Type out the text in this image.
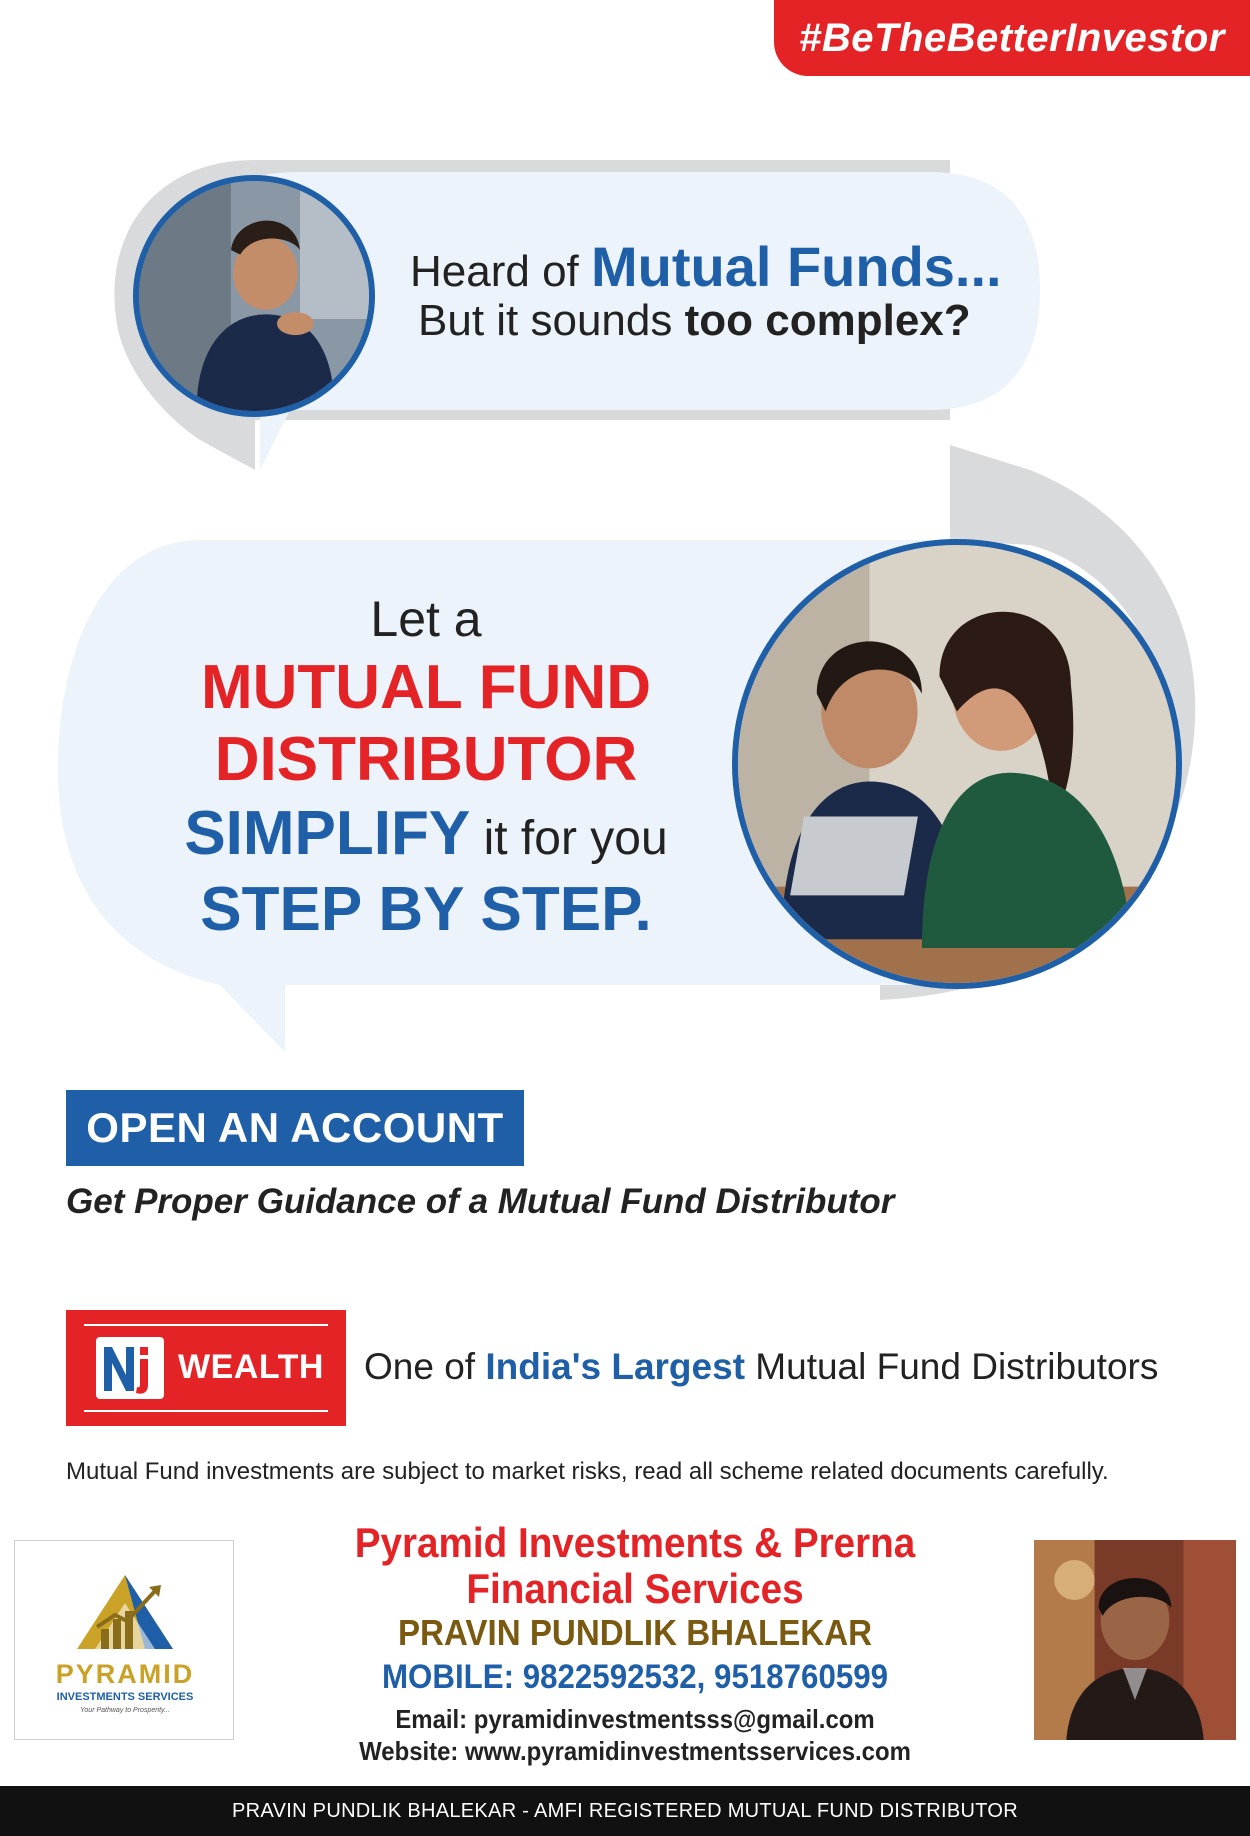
#BeTheBetterInvestor
Heard of Mutual Funds...
But it sounds too complex?
Let a
MUTUAL FUND
DISTRIBUTOR
SIMPLIFY it for you
STEP BY STEP.
OPEN AN ACCOUNT
Get Proper Guidance of a Mutual Fund Distributor
WEALTH One of India's Largest Mutual Fund Distributors
Mutual Fund investments are subject to market risks, read all scheme related documents carefully.
PYRAMID
INVESTMENTS SERVICES
Your Pathway to Prosperity...
Pyramid Investments & Prerna Financial Services
PRAVIN PUNDLIK BHALEKAR
MOBILE: 9822592532, 9518760599
Email: pyramidinvestmentsss@gmail.com
Website: www.pyramidinvestmentsservices.com
PRAVIN PUNDLIK BHALEKAR - AMFI REGISTERED MUTUAL FUND DISTRIBUTOR
